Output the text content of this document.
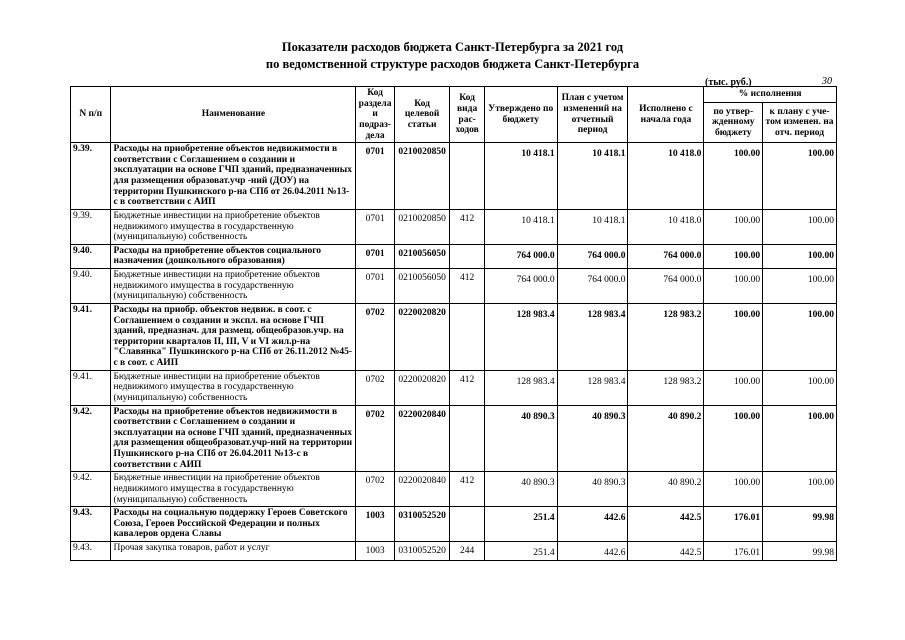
Показатели расходов бюджета Санкт-Петербурга за 2021 год
по ведомственной структуре расходов бюджета Санкт-Петербурга
(тыс. руб.)	30
N п/п	Наименование	Код раздела и подраз-дела	Код целевой статьи	Код вида рас-ходов	Утверждено по бюджету	План с учетом изменений на отчетный период	Исполнено с начала года	% исполнения	
								по утвер-жденному бюджету	к плану с уче-том изменен. на отч. период
9.39.	Расходы на приобретение объектов недвижимости в соответствии с Соглашением о создании и эксплуатации на основе ГЧП зданий, предназначенных для размещения образоват.учр -ний (ДОУ) на территории Пушкинского р-на СПб от 26.04.2011 №13-с в соответствии с АИП	0701	0210020850		10 418.1	10 418.1	10 418.0	100.00	100.00
9.39.	Бюджетные инвестиции на приобретение объектов недвижимого имущества в государственную (муниципальную) собственность	0701	0210020850	412	10 418.1	10 418.1	10 418.0	100.00	100.00
9.40.	Расходы на приобретение объектов социального назначения (дошкольного образования)	0701	0210056050		764 000.0	764 000.0	764 000.0	100.00	100.00
9.40.	Бюджетные инвестиции на приобретение объектов недвижимого имущества в государственную (муниципальную) собственность	0701	0210056050	412	764 000.0	764 000.0	764 000.0	100.00	100.00
9.41.	Расходы на приобр. объектов недвиж. в соот. с Соглашением о создании и экспл. на основе ГЧП зданий, предназнач. для размещ. общеобразов.учр. на территории кварталов II, III, V и VI жил.р-на "Славянка" Пушкинского р-на СПб от 26.11.2012 №45-с в соот. с АИП	0702	0220020820		128 983.4	128 983.4	128 983.2	100.00	100.00
9.41.	Бюджетные инвестиции на приобретение объектов недвижимого имущества в государственную (муниципальную) собственность	0702	0220020820	412	128 983.4	128 983.4	128 983.2	100.00	100.00
9.42.	Расходы на приобретение объектов недвижимости в соответствии с Соглашением о создании и эксплуатации на основе ГЧП зданий, предназначенных для размещения общеобразоват.учр-ний на территории Пушкинского р-на СПб от 26.04.2011 №13-с в соответствии с АИП	0702	0220020840		40 890.3	40 890.3	40 890.2	100.00	100.00
9.42.	Бюджетные инвестиции на приобретение объектов недвижимого имущества в государственную (муниципальную) собственность	0702	0220020840	412	40 890.3	40 890.3	40 890.2	100.00	100.00
9.43.	Расходы на социальную поддержку Героев Советского Союза, Героев Российской Федерации и полных кавалеров ордена Славы	1003	0310052520		251.4	442.6	442.5	176.01	99.98
9.43.	Прочая закупка товаров, работ и услуг	1003	0310052520	244	251.4	442.6	442.5	176.01	99.98
